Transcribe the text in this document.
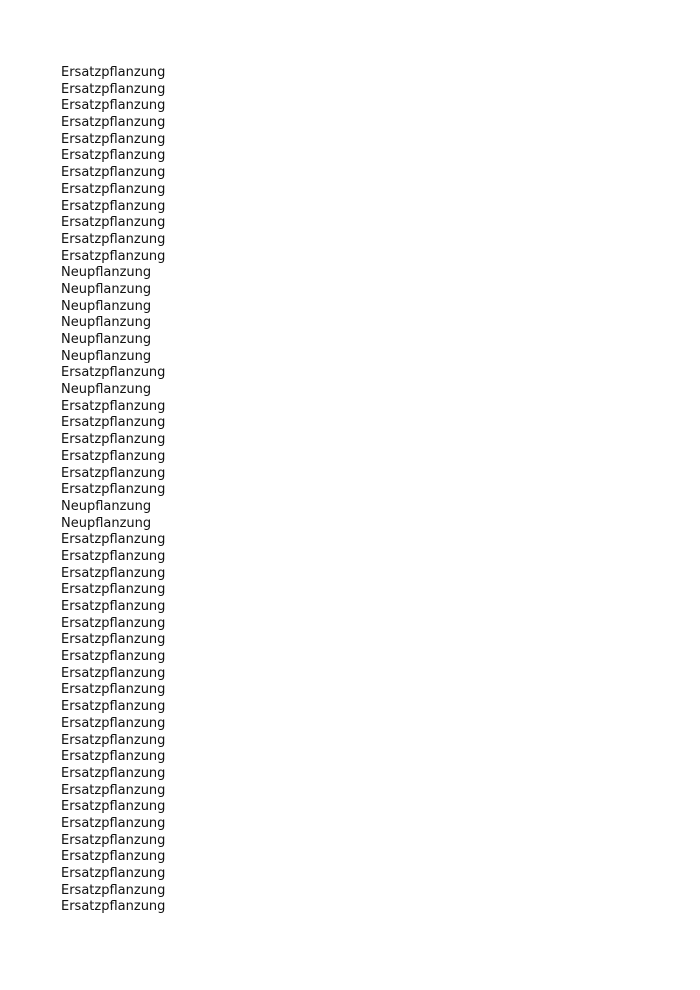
Ersatzpflanzung
Ersatzpflanzung
Ersatzpflanzung
Ersatzpflanzung
Ersatzpflanzung
Ersatzpflanzung
Ersatzpflanzung
Ersatzpflanzung
Ersatzpflanzung
Ersatzpflanzung
Ersatzpflanzung
Ersatzpflanzung
Neupflanzung
Neupflanzung
Neupflanzung
Neupflanzung
Neupflanzung
Neupflanzung
Ersatzpflanzung
Neupflanzung
Ersatzpflanzung
Ersatzpflanzung
Ersatzpflanzung
Ersatzpflanzung
Ersatzpflanzung
Ersatzpflanzung
Neupflanzung
Neupflanzung
Ersatzpflanzung
Ersatzpflanzung
Ersatzpflanzung
Ersatzpflanzung
Ersatzpflanzung
Ersatzpflanzung
Ersatzpflanzung
Ersatzpflanzung
Ersatzpflanzung
Ersatzpflanzung
Ersatzpflanzung
Ersatzpflanzung
Ersatzpflanzung
Ersatzpflanzung
Ersatzpflanzung
Ersatzpflanzung
Ersatzpflanzung
Ersatzpflanzung
Ersatzpflanzung
Ersatzpflanzung
Ersatzpflanzung
Ersatzpflanzung
Ersatzpflanzung
